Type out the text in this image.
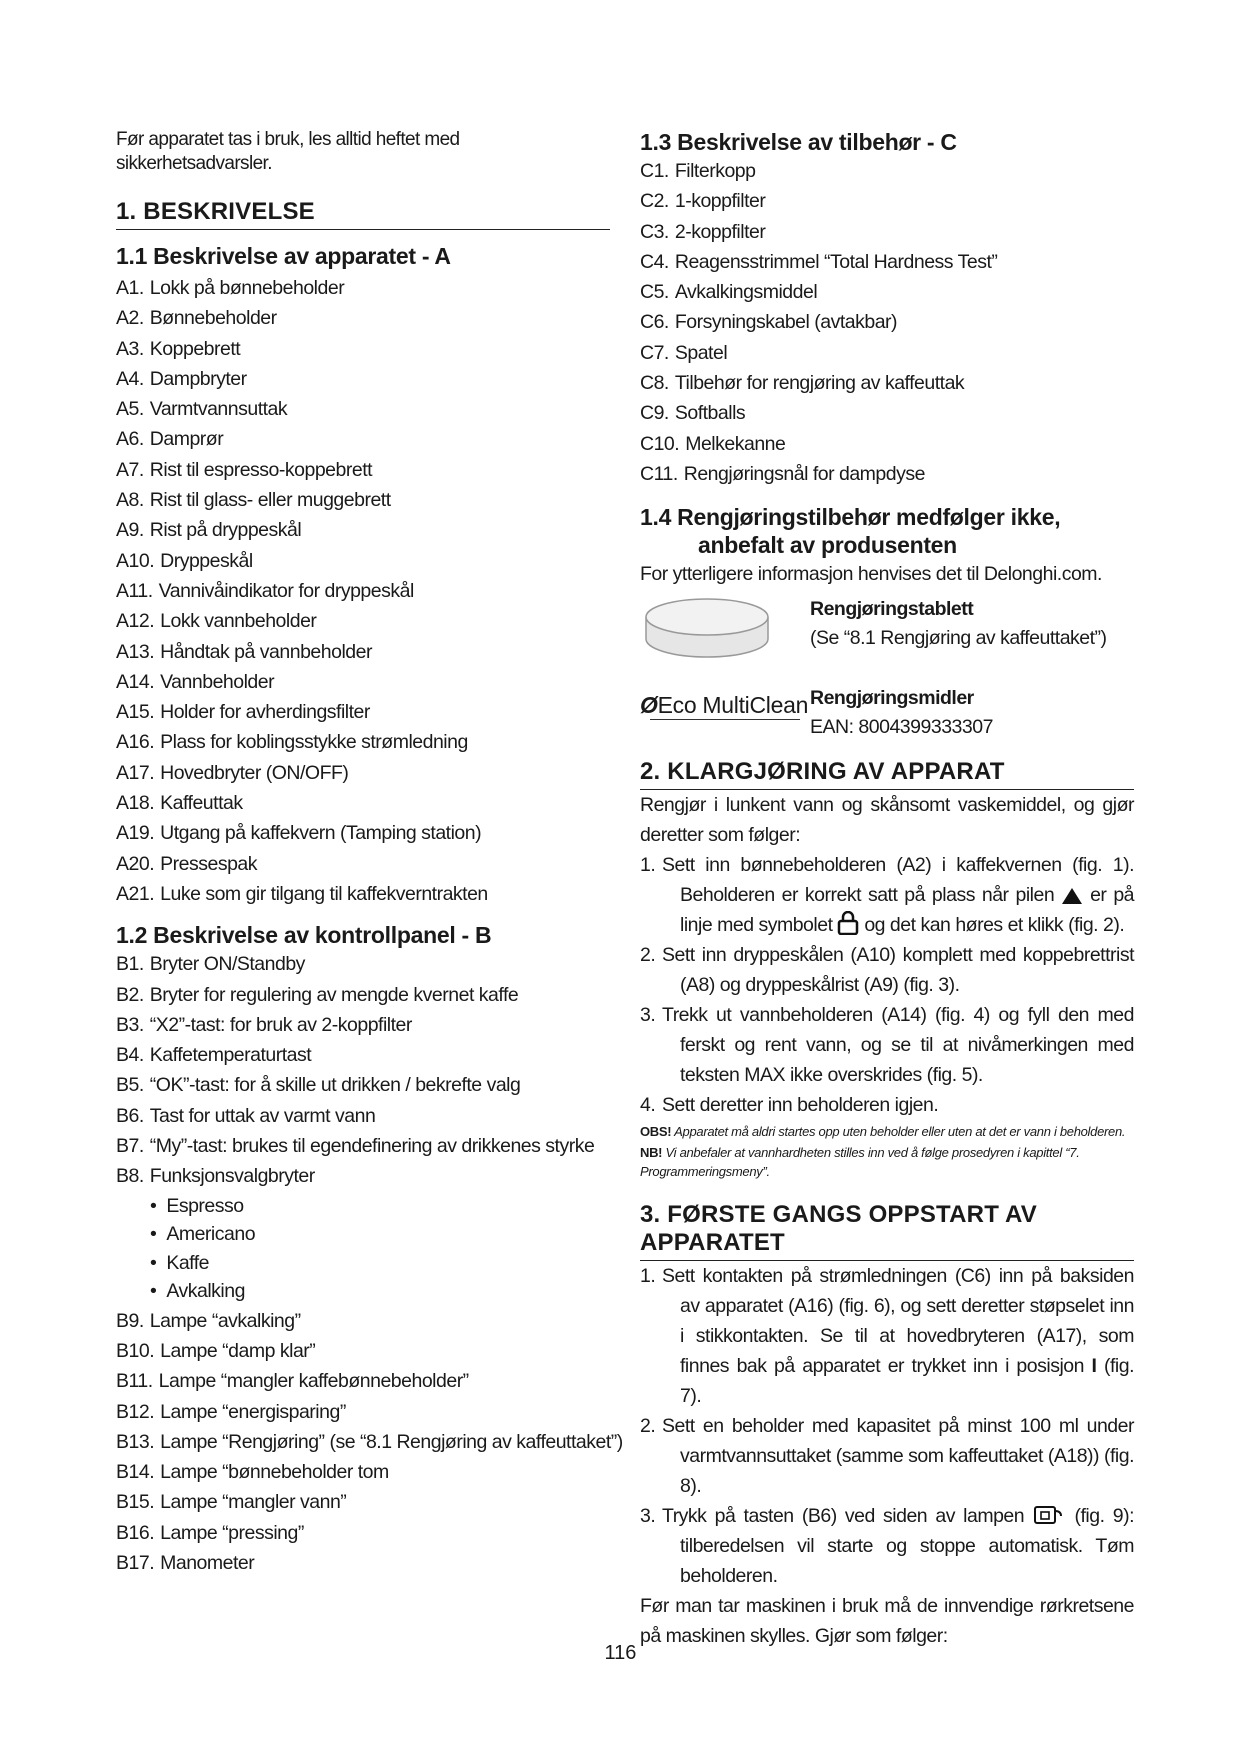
Før apparatet tas i bruk, les alltid heftet med sikkerhetsadvarsler.

1. BESKRIVELSE
1.1 Beskrivelse av apparatet - A
A1. Lokk på bønnebeholder
A2. Bønnebeholder
A3. Koppebrett
A4. Dampbryter
A5. Varmtvannsuttak
A6. Damprør
A7. Rist til espresso-koppebrett
A8. Rist til glass- eller muggebrett
A9. Rist på dryppeskål
A10. Dryppeskål
A11. Vannivåindikator for dryppeskål
A12. Lokk vannbeholder
A13. Håndtak på vannbeholder
A14. Vannbeholder
A15. Holder for avherdingsfilter
A16. Plass for koblingsstykke strømledning
A17. Hovedbryter (ON/OFF)
A18. Kaffeuttak
A19. Utgang på kaffekvern (Tamping station)
A20. Pressespak
A21. Luke som gir tilgang til kaffekverntrakten
1.2 Beskrivelse av kontrollpanel - B
B1. Bryter ON/Standby
B2. Bryter for regulering av mengde kvernet kaffe
B3. “X2”-tast: for bruk av 2-koppfilter
B4. Kaffetemperaturtast
B5. “OK”-tast: for å skille ut drikken / bekrefte valg
B6. Tast for uttak av varmt vann
B7. “My”-tast: brukes til egendefinering av drikkenes styrke
B8. Funksjonsvalgbryter
• Espresso
• Americano
• Kaffe
• Avkalking
B9. Lampe “avkalking”
B10. Lampe “damp klar”
B11. Lampe “mangler kaffebønnebeholder”
B12. Lampe “energisparing”
B13. Lampe “Rengjøring” (se “8.1 Rengjøring av kaffeuttaket”)
B14. Lampe “bønnebeholder tom
B15. Lampe “mangler vann”
B16. Lampe “pressing”
B17. Manometer
1.3 Beskrivelse av tilbehør - C
C1. Filterkopp
C2. 1-koppfilter
C3. 2-koppfilter
C4. Reagensstrimmel “Total Hardness Test”
C5. Avkalkingsmiddel
C6. Forsyningskabel (avtakbar)
C7. Spatel
C8. Tilbehør for rengjøring av kaffeuttak
C9. Softballs
C10. Melkekanne
C11. Rengjøringsnål for dampdyse
1.4 Rengjøringstilbehør medfølger ikke,
anbefalt av produsenten

For ytterligere informasjon henvises det til Delonghi.com.

Rengjøringstablett
(Se “8.1 Rengjøring av kaffeuttaket”)
ØEco MultiClean Rengjøringsmidler
EAN: 8004399333307
2. KLARGJØRING AV APPARAT

Rengjør i lunkent vann og skånsomt vaskemiddel, og gjør deretter som følger:

1. Sett inn bønnebeholderen (A2) i kaffekvernen (fig. 1). Beholderen er korrekt satt på plass når pilen er på linje med symbolet og det kan høres et klikk (fig. 2).
2. Sett inn dryppeskålen (A10) komplett med koppebrettrist (A8) og dryppeskålrist (A9) (fig. 3).
3. Trekk ut vannbeholderen (A14) (fig. 4) og fyll den med ferskt og rent vann, og se til at nivåmerkingen med teksten MAX ikke overskrides (fig. 5).
4. Sett deretter inn beholderen igjen.

OBS! Apparatet må aldri startes opp uten beholder eller uten at det er vann i beholderen.

NB! Vi anbefaler at vannhardheten stilles inn ved å følge prosedyren i kapittel “7. Programmeringsmeny”.

3. FØRSTE GANGS OPPSTART AV APPARATET
1. Sett kontakten på strømledningen (C6) inn på baksiden av apparatet (A16) (fig. 6), og sett deretter støpselet inn i stikkontakten. Se til at hovedbryteren (A17), som finnes bak på apparatet er trykket inn i posisjon I (fig. 7).
2. Sett en beholder med kapasitet på minst 100 ml under varmtvannsuttaket (samme som kaffeuttaket (A18)) (fig. 8).
3. Trykk på tasten (B6) ved siden av lampen	(fig. 9): tilberedelsen vil starte og stoppe automatisk. Tøm beholderen.

Før man tar maskinen i bruk må de innvendige rørkretsene på maskinen skylles. Gjør som følger:

116
